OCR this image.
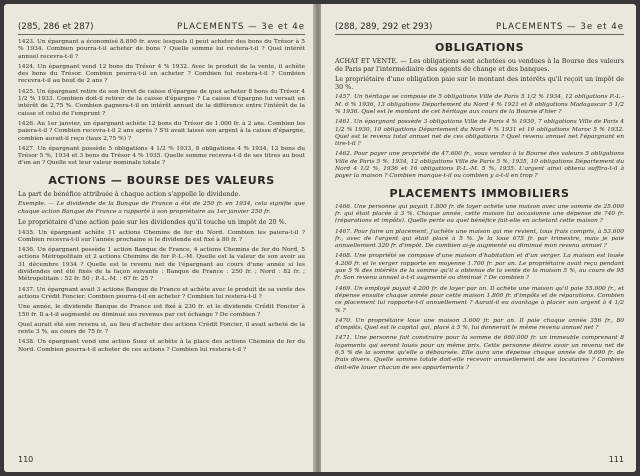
(285, 286 et 287)	PLACEMENTS — 3e et 4e

1423. Un épargnant a économisé 8.890 fr. avec lesquels il peut acheter des bons du Trésor à 5 % 1934. Combien pourra-t-il acheter de bons ? Quelle somme lui restera-t-il ? Quel intérêt annuel recevra-t-il ?

1424. Un épargnant vend 12 bons du Trésor 4 % 1932. Avec le produit de la vente, il achète des bons du Trésor. Combien pourra-t-il en acheter ? Combien lui restera-t-il ? Combien recevra-t-il au bout de 2 ans ?

1425. Un épargnant retire de son livret de caisse d'épargne de quoi acheter 8 bons du Trésor 4 1/2 % 1933. Combien doit-il retirer de la caisse d'épargne ? La caisse d'épargne lui versait un intérêt de 2,75 %. Combien gagnera-t-il en intérêt annuel de la différence entre l'intérêt de la caisse et celui de l'emprunt ?

1426. Au 1er janvier, un épargnant achète 12 bons du Trésor de 1.000 fr. à 2 ans. Combien les paiera-t-il ? Combien recevra-t-il 2 ans après ? S'il avait laissé son argent à la caisse d'épargne, combien aurait-il reçu (taux 2,75 %) ?

1427. Un épargnant possède 5 obligations 4 1/2 % 1933, 8 obligations 4 % 1934, 12 bons du Trésor 5 %, 1934 et 3 bons du Trésor 4 % 1935. Quelle somme recevra-t-il de ses titres au bout d'un an ? Quelle est leur valeur nominale totale ?

ACTIONS — BOURSE DES VALEURS

La part de bénéfice attribuée à chaque action s'appelle le dividende.

Exemple. — Le dividende de la Banque de France a été de 250 fr. en 1934, cela signifie que chaque action Banque de France a rapporté à son propriétaire au 1er janvier 250 fr.

Le propriétaire d'une action paie sur les dividendes qu'il touche un impôt de 20 %.

1435. Un épargnant achète 11 actions Chemins de fer du Nord. Combien les paiera-t-il ? Combien recevra-t-il sur l'année prochaine si le dividende est fixé à 80 fr. ?

1436. Un épargnant possède 1 action Banque de France, 4 actions Chemins de fer du Nord, 5 actions Métropolitain et 2 actions Chemins de fer P.-L.-M. Quelle est la valeur de son avoir au 31 décembre 1934 ? Quelle est le revenu net de l'épargnant au cours d'une année si les dividendes ont été fixés de la façon suivante : Banque de France : 250 fr. ; Nord : 82 fr. ; Métropolitain : 52 fr. 50 ; P.-L.-M. : 67 fr. 25 ?

1437. Un épargnant avait 3 actions Banque de France et achète avec le produit de sa vente des actions Crédit Foncier. Combien pourra-t-il en acheter ? Combien lui restera-t-il ?

Une année, le dividende Banque de France est fixé à 230 fr. et le dividende Crédit Foncier à 150 fr. Il a-t-il augmenté ou diminué ses revenus par cet échange ? De combien ?

Quel aurait été son revenu si, au lieu d'acheter des actions Crédit Foncier, il avait acheté de la rente 3 %, au cours de 75 fr. ?

1438. Un épargnant vend une action Suez et achète à la place des actions Chemins de fer du Nord. Combien pourra-t-il acheter de ces actions ? Combien lui restera-t-il ?

110
(288, 289, 292 et 293)	PLACEMENTS — 3e et 4e
OBLIGATIONS

ACHAT ET VENTE. — Les obligations sont achetées ou vendues à la Bourse des valeurs de Paris par l'intermédiaire des agents de change et des banques.

Le propriétaire d'une obligation paie sur le montant des intérêts qu'il reçoit un impôt de 30 %.

1457. Un héritage se compose de 5 obligations Ville de Paris 5 1/2 % 1934, 12 obligations P.-L.-M. 6 % 1936, 13 obligations Département du Nord 4 % 1921 et 8 obligations Madagascar 5 1/2 % 1936. Quel est le montant de cet héritage aux cours de la Bourse d'hier ?

1461. Un épargnant possède 3 obligations Ville de Paris 4 % 1930, 7 obligations Ville de Paris 4 1/2 % 1930, 10 obligations Département du Nord 4 % 1931 et 10 obligations Maroc 5 % 1932. Quel est le revenu total annuel net de ces obligations ? Quel revenu annuel net l'épargnant en tire-t-il ?

1462. Pour payer une propriété de 47.600 fr., vous vendez à la Bourse des valeurs 5 obligations Ville de Paris 5 %, 1934, 12 obligations Ville de Paris 5 %, 1935, 10 obligations Département du Nord 4 1/2 %, 1936 et 16 obligations P.-L.-M. 5 %, 1935. L'argent ainsi obtenu suffira-t-il à payer la maison ? Combien manque-t-il ou combien y a-t-il en trop ?

PLACEMENTS IMMOBILIERS

1466. Une personne qui payait 1.800 fr. de loyer achète une maison avec une somme de 25.000 fr. qui était placée à 3 %. Chaque année, cette maison lui occasionne une dépense de 740 fr. (réparations et impôts). Quelle perte ou quel bénéfice fait-elle en achetant cette maison ?

1467. Pour faire un placement, j'achète une maison qui me revient, tous frais compris, à 53.600 fr., avec de l'argent qui était placé à 5 %. Je la loue 675 fr. par trimestre, mais je paie annuellement 320 fr. d'impôt. De combien ai-je augmenté ou diminué mon revenu annuel ?

1468. Une propriété se compose d'une maison d'habitation et d'un verger. La maison est louée 4.200 fr. et le verger rapporte en moyenne 1.700 fr. par an. Le propriétaire avait reçu pendant que 5 % des intérêts de la somme qu'il a obtenue de la vente de la maison 5 %, au cours de 95 fr. Son revenu annuel a-t-il augmenté ou diminué ? De combien ?

1469. Un employé payait 4.200 fr. de loyer par an. Il achète une maison qu'il paie 55.000 fr., et dépense ensuite chaque année pour cette maison 1.800 fr. d'impôts et de réparations. Combien ce placement lui rapporte-t-il annuellement ? Aurait-il eu avantage à placer son argent à 4 1/2 % ?

1470. Un propriétaire loue une maison 3.600 fr. par an. Il paie chaque année 356 fr., 80 d'impôts. Quel est le capital qui, placé à 5 %, lui donnerait le même revenu annuel net ?

1471. Une personne fait construire pour la somme de 660.000 fr. un immeuble comprenant 8 logements qui seront loués pour un même prix. Cette personne désire avoir un revenu net de 6,5 % de la somme qu'elle a déboursée. Elle aura une dépense chaque année de 9.690 fr. de frais divers. Quelle somme totale doit-elle recevoir annuellement de ses locataires ? Combien doit-elle louer chacun de ses appartements ?

111
